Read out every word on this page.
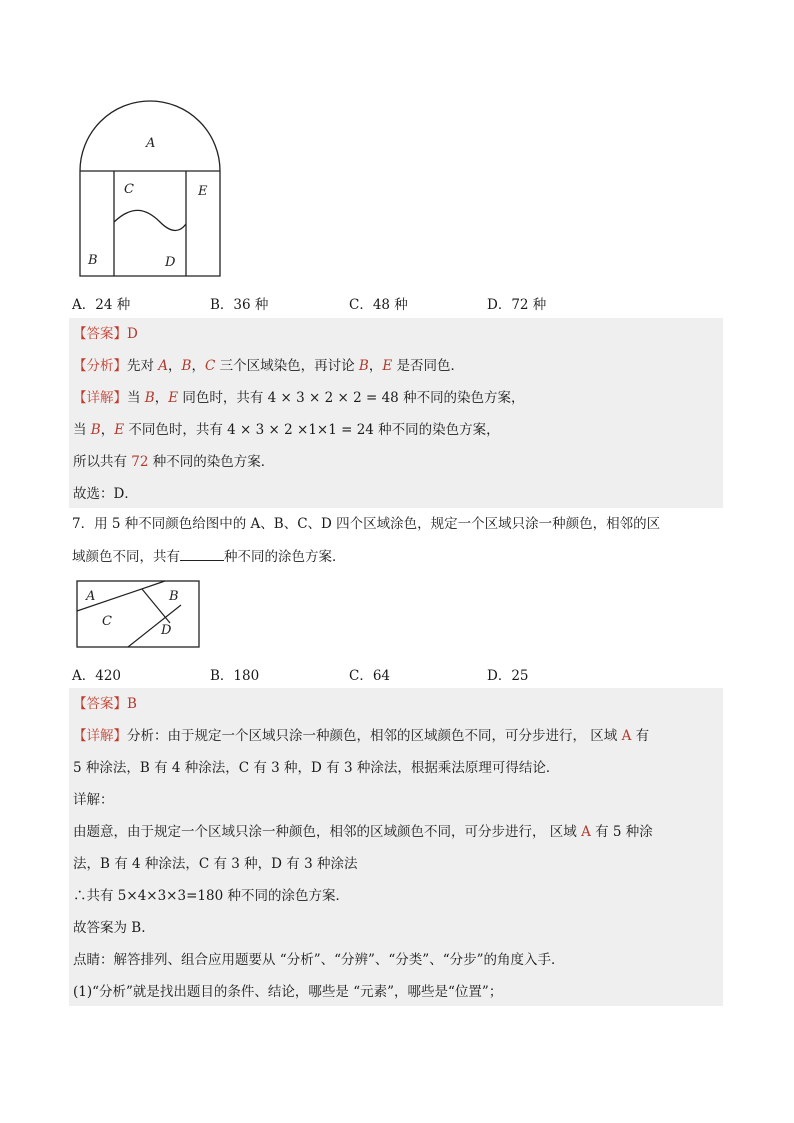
A
C	E
B	D
A．24 种	B．36 种	C．48 种	D．72 种
【答案】D
【分析】先对 A，B，C 三个区域染色，再讨论 B，E 是否同色．
【详解】当 B，E 同色时，共有 4 × 3 × 2 × 2 = 48 种不同的染色方案，
当 B，E 不同色时，共有 4 × 3 × 2 ×1×1 = 24 种不同的染色方案，
所以共有 72 种不同的染色方案．
故选：D．
7．用 5 种不同颜色给图中的 A、B、C、D 四个区域涂色，规定一个区域只涂一种颜色，相邻的区
域颜色不同，共有	种不同的涂色方案．
A	B
C
D
A．420	B．180	C．64	D．25
【答案】B
【详解】分析：由于规定一个区域只涂一种颜色，相邻的区域颜色不同，可分步进行， 区域 A 有
5 种涂法，B 有 4 种涂法，C 有 3 种，D 有 3 种涂法，根据乘法原理可得结论．
详解：
由题意，由于规定一个区域只涂一种颜色，相邻的区域颜色不同，可分步进行， 区域 A 有 5 种涂
法，B 有 4 种涂法，C 有 3 种，D 有 3 种涂法
∴共有 5×4×3×3=180 种不同的涂色方案．
故答案为 B.
点睛：解答排列、组合应用题要从 “分析”、“分辨”、“分类”、“分步”的角度入手．
(1)“分析”就是找出题目的条件、结论，哪些是 “元素”，哪些是“位置”；
